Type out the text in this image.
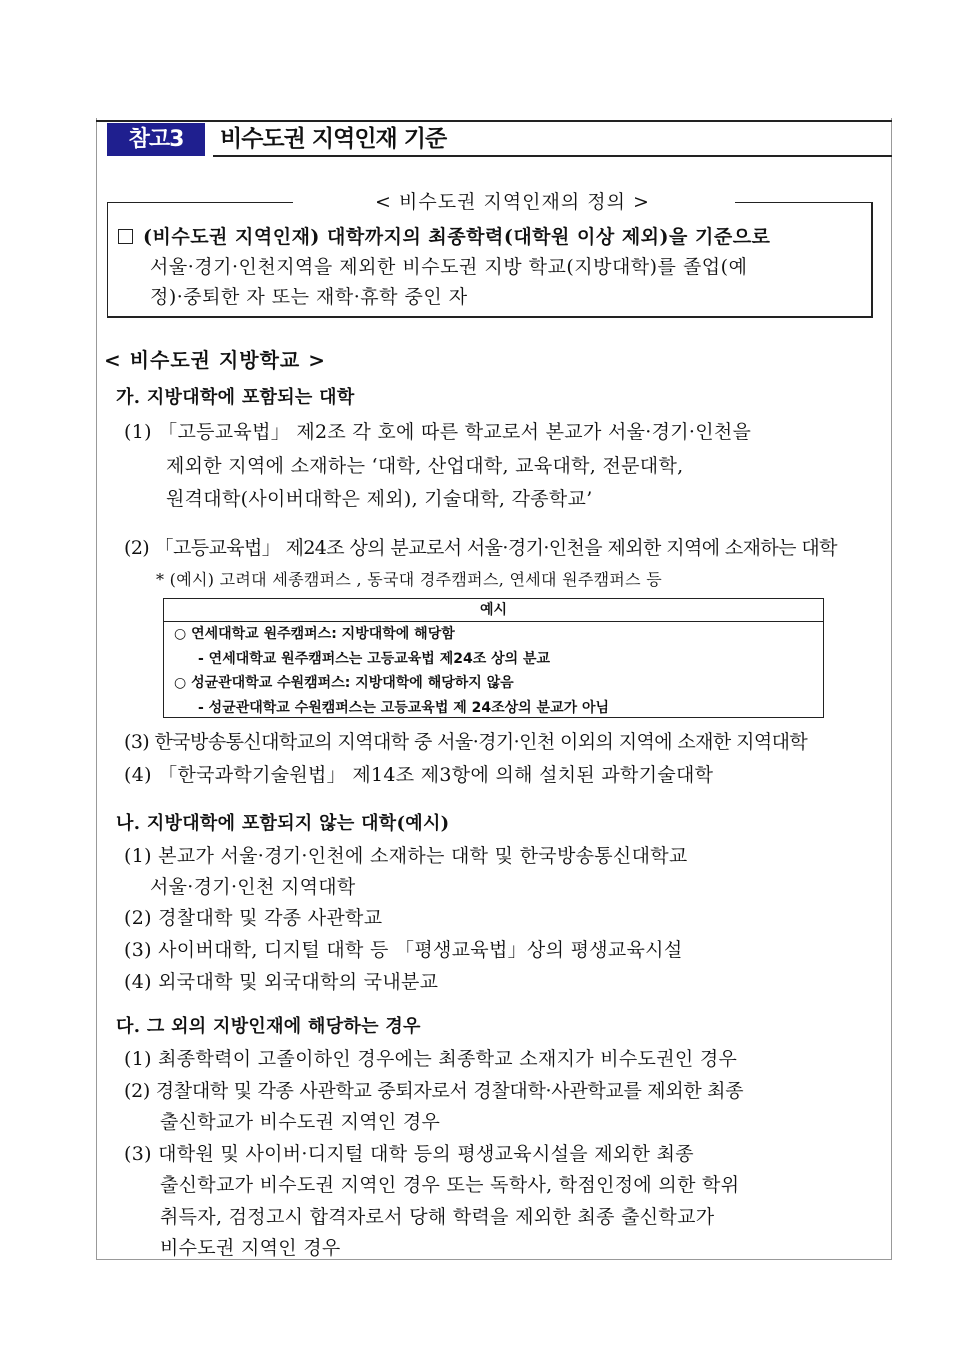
참고3	비수도권 지역인재 기준
< 비수도권 지역인재의 정의 >
(비수도권 지역인재) 대학까지의 최종학력(대학원 이상 제외)을 기준으로
서울·경기·인천지역을 제외한 비수도권 지방 학교(지방대학)를 졸업(예
정)·중퇴한 자 또는 재학·휴학 중인 자
< 비수도권 지방학교 >
가. 지방대학에 포함되는 대학
(1) 「고등교육법」 제2조 각 호에 따른 학교로서 본교가 서울·경기·인천을
제외한 지역에 소재하는 ‘대학, 산업대학, 교육대학, 전문대학,
원격대학(사이버대학은 제외), 기술대학, 각종학교’
(2) 「고등교육법」 제24조 상의 분교로서 서울·경기·인천을 제외한 지역에 소재하는 대학
* (예시) 고려대 세종캠퍼스 , 동국대 경주캠퍼스, 연세대 원주캠퍼스 등
예시
○ 연세대학교 원주캠퍼스: 지방대학에 해당함
- 연세대학교 원주캠퍼스는 고등교육법 제24조 상의 분교
○ 성균관대학교 수원캠퍼스: 지방대학에 해당하지 않음
- 성균관대학교 수원캠퍼스는 고등교육법 제 24조상의 분교가 아님
(3) 한국방송통신대학교의 지역대학 중 서울·경기·인천 이외의 지역에 소재한 지역대학
(4) 「한국과학기술원법」 제14조 제3항에 의해 설치된 과학기술대학
나. 지방대학에 포함되지 않는 대학(예시)
(1) 본교가 서울·경기·인천에 소재하는 대학 및 한국방송통신대학교
서울·경기·인천 지역대학
(2) 경찰대학 및 각종 사관학교
(3) 사이버대학, 디지털 대학 등 「평생교육법」상의 평생교육시설
(4) 외국대학 및 외국대학의 국내분교
다. 그 외의 지방인재에 해당하는 경우
(1) 최종학력이 고졸이하인 경우에는 최종학교 소재지가 비수도권인 경우
(2) 경찰대학 및 각종 사관학교 중퇴자로서 경찰대학·사관학교를 제외한 최종
출신학교가 비수도권 지역인 경우
(3) 대학원 및 사이버·디지털 대학 등의 평생교육시설을 제외한 최종
출신학교가 비수도권 지역인 경우 또는 독학사, 학점인정에 의한 학위
취득자, 검정고시 합격자로서 당해 학력을 제외한 최종 출신학교가
비수도권 지역인 경우
